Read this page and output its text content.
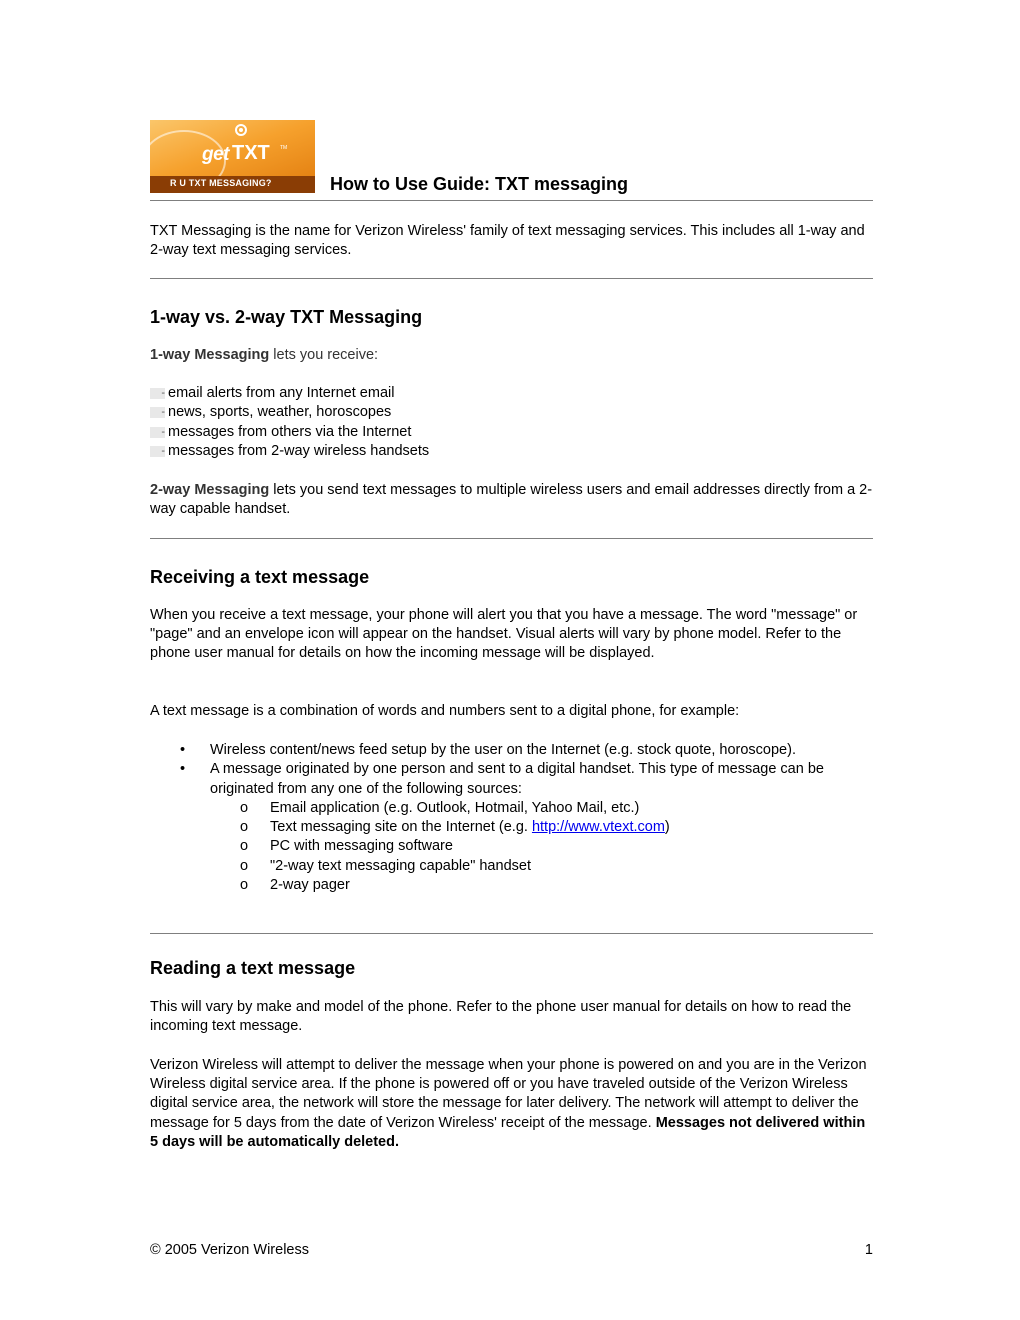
get TXT TM
R U TXT MESSAGING?	How to Use Guide: TXT messaging

TXT Messaging is the name for Verizon Wireless' family of text messaging services. This includes all 1-way and 2-way text messaging services.

1-way vs. 2-way TXT Messaging

1-way Messaging lets you receive:

- email alerts from any Internet email
- news, sports, weather, horoscopes
- messages from others via the Internet
- messages from 2-way wireless handsets

2-way Messaging lets you send text messages to multiple wireless users and email addresses directly from a 2-way capable handset.

Receiving a text message

When you receive a text message, your phone will alert you that you have a message. The word "message" or "page" and an envelope icon will appear on the handset. Visual alerts will vary by phone model. Refer to the phone user manual for details on how the incoming message will be displayed.

A text message is a combination of words and numbers sent to a digital phone, for example:

• Wireless content/news feed setup by the user on the Internet (e.g. stock quote, horoscope).
• A message originated by one person and sent to a digital handset. This type of message can be originated from any one of the following sources:
o Email application (e.g. Outlook, Hotmail, Yahoo Mail, etc.)
o Text messaging site on the Internet (e.g. http://www.vtext.com)
o PC with messaging software
o "2-way text messaging capable" handset
o 2-way pager
Reading a text message

This will vary by make and model of the phone. Refer to the phone user manual for details on how to read the incoming text message.

Verizon Wireless will attempt to deliver the message when your phone is powered on and you are in the Verizon Wireless digital service area. If the phone is powered off or you have traveled outside of the Verizon Wireless digital service area, the network will store the message for later delivery. The network will attempt to deliver the message for 5 days from the date of Verizon Wireless' receipt of the message. Messages not delivered within 5 days will be automatically deleted.

© 2005 Verizon Wireless	1
